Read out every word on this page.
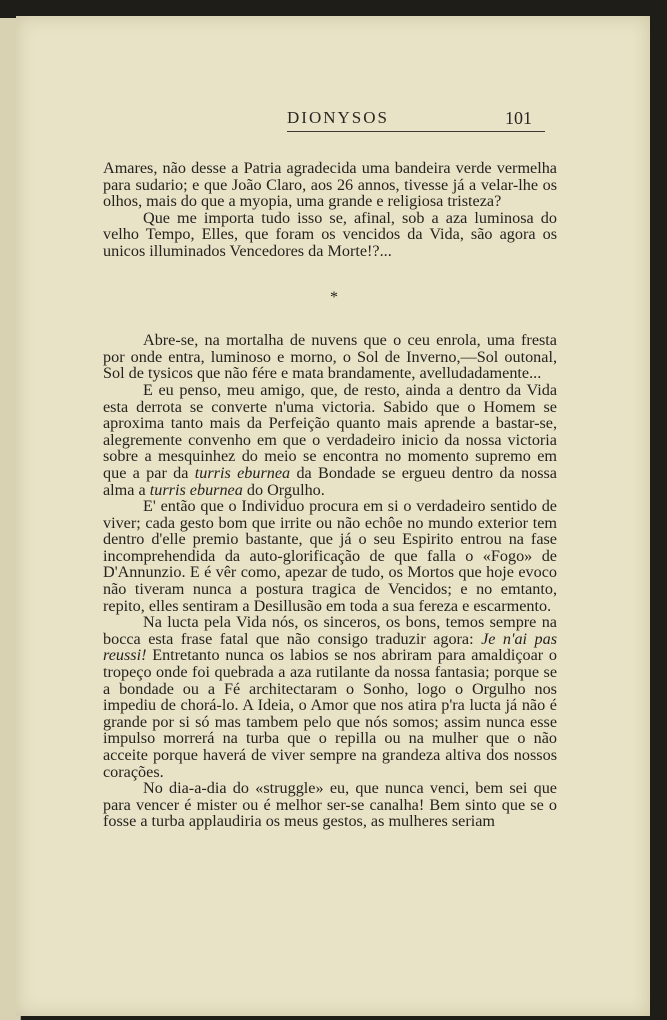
DIONYSOS	101

Amares, não desse a Patria agradecida uma bandeira verde vermelha para sudario; e que João Claro, aos 26 annos, tivesse já a velar-lhe os olhos, mais do que a myopia, uma grande e religiosa tristeza?

Que me importa tudo isso se, afinal, sob a aza luminosa do velho Tempo, Elles, que foram os vencidos da Vida, são agora os unicos illuminados Vencedores da Morte!?...

*

Abre-se, na mortalha de nuvens que o ceu enrola, uma fresta por onde entra, luminoso e morno, o Sol de Inverno,—Sol outonal, Sol de tysicos que não fére e mata brandamente, avelludadamente...

E eu penso, meu amigo, que, de resto, ainda a dentro da Vida esta derrota se converte n'uma victoria. Sabido que o Homem se aproxima tanto mais da Perfeição quanto mais aprende a bastar-se, alegremente convenho em que o verdadeiro inicio da nossa victoria sobre a mesquinhez do meio se encontra no momento supremo em que a par da turris eburnea da Bondade se ergueu dentro da nossa alma a turris eburnea do Orgulho.

E' então que o Individuo procura em si o verdadeiro sentido de viver; cada gesto bom que irrite ou não echôe no mundo exterior tem dentro d'elle premio bastante, que já o seu Espirito entrou na fase incomprehendida da auto-glorificação de que falla o «Fogo» de D'Annunzio. E é vêr como, apezar de tudo, os Mortos que hoje evoco não tiveram nunca a postura tragica de Vencidos; e no emtanto, repito, elles sentiram a Desillusão em toda a sua fereza e escarmento.

Na lucta pela Vida nós, os sinceros, os bons, temos sempre na bocca esta frase fatal que não consigo traduzir agora: Je n'ai pas reussi! Entretanto nunca os labios se nos abriram para amaldiçoar o tropeço onde foi quebrada a aza rutilante da nossa fantasia; porque se a bondade ou a Fé architectaram o Sonho, logo o Orgulho nos impediu de chorá-lo. A Ideia, o Amor que nos atira p'ra lucta já não é grande por si só mas tambem pelo que nós somos; assim nunca esse impulso morrerá na turba que o repilla ou na mulher que o não acceite porque haverá de viver sempre na grandeza altiva dos nossos corações.

No dia-a-dia do «struggle» eu, que nunca venci, bem sei que para vencer é mister ou é melhor ser-se canalha! Bem sinto que se o fosse a turba applaudiria os meus gestos, as mulheres seriam
